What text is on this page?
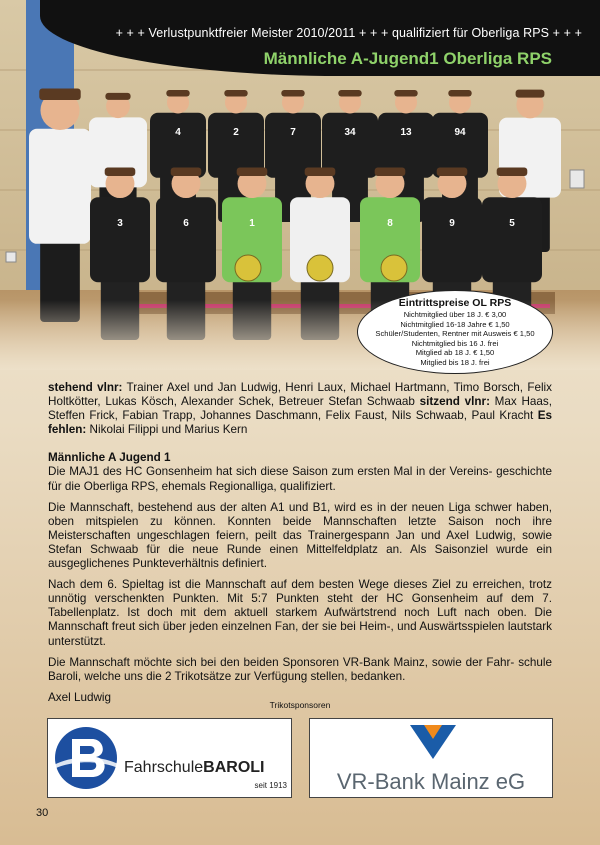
4	2	7	34	13	94
3	6	1	8	9	5
+ + + Verlustpunktfreier Meister 2010/2011 + + + qualifiziert für Oberliga RPS + + +
Männliche A-Jugend1 Oberliga RPS
Eintrittspreise OL RPS
Nichtmitglied über 18 J. € 3,00
Nichtmitglied 16-18 Jahre € 1,50
Schüler/Studenten, Rentner mit Ausweis € 1,50
Nichtmitglied bis 16 J. frei
Mitglied ab 18 J. € 1,50
Mitglied bis 18 J. frei

stehend vlnr: Trainer Axel und Jan Ludwig, Henri Laux, Michael Hartmann, Timo Borsch, Felix Holtkötter, Lukas Kösch, Alexander Schek, Betreuer Stefan Schwaab sitzend vlnr: Max Haas, Steffen Frick, Fabian Trapp, Johannes Daschmann, Felix Faust, Nils Schwaab, Paul Kracht Es fehlen: Nikolai Filippi und Marius Kern

Männliche A Jugend 1

Die MAJ1 des HC Gonsenheim hat sich diese Saison zum ersten Mal in der Vereins- geschichte für die Oberliga RPS, ehemals Regionalliga, qualifiziert.

Die Mannschaft, bestehend aus der alten A1 und B1, wird es in der neuen Liga schwer haben, oben mitspielen zu können. Konnten beide Mannschaften letzte Saison noch ihre Meisterschaften ungeschlagen feiern, peilt das Trainergespann Jan und Axel Ludwig, sowie Stefan Schwaab für die neue Runde einen Mittelfeldplatz an. Als Saisonziel wurde ein ausgeglichenes Punkteverhältnis definiert.

Nach dem 6. Spieltag ist die Mannschaft auf dem besten Wege dieses Ziel zu erreichen, trotz unnötig verschenkten Punkten. Mit 5:7 Punkten steht der HC Gonsenheim auf dem 7. Tabellenplatz. Ist doch mit dem aktuell starkem Aufwärtstrend noch Luft nach oben. Die Mannschaft freut sich über jeden einzelnen Fan, der sie bei Heim-, und Auswärtsspielen lautstark unterstützt.

Die Mannschaft möchte sich bei den beiden Sponsoren VR-Bank Mainz, sowie der Fahr- schule Baroli, welche uns die 2 Trikotsätze zur Verfügung stellen, bedanken.

Axel Ludwig
Trikotsponsoren
FahrschuleBAROLI
seit 1913	VR-Bank Mainz eG
30
